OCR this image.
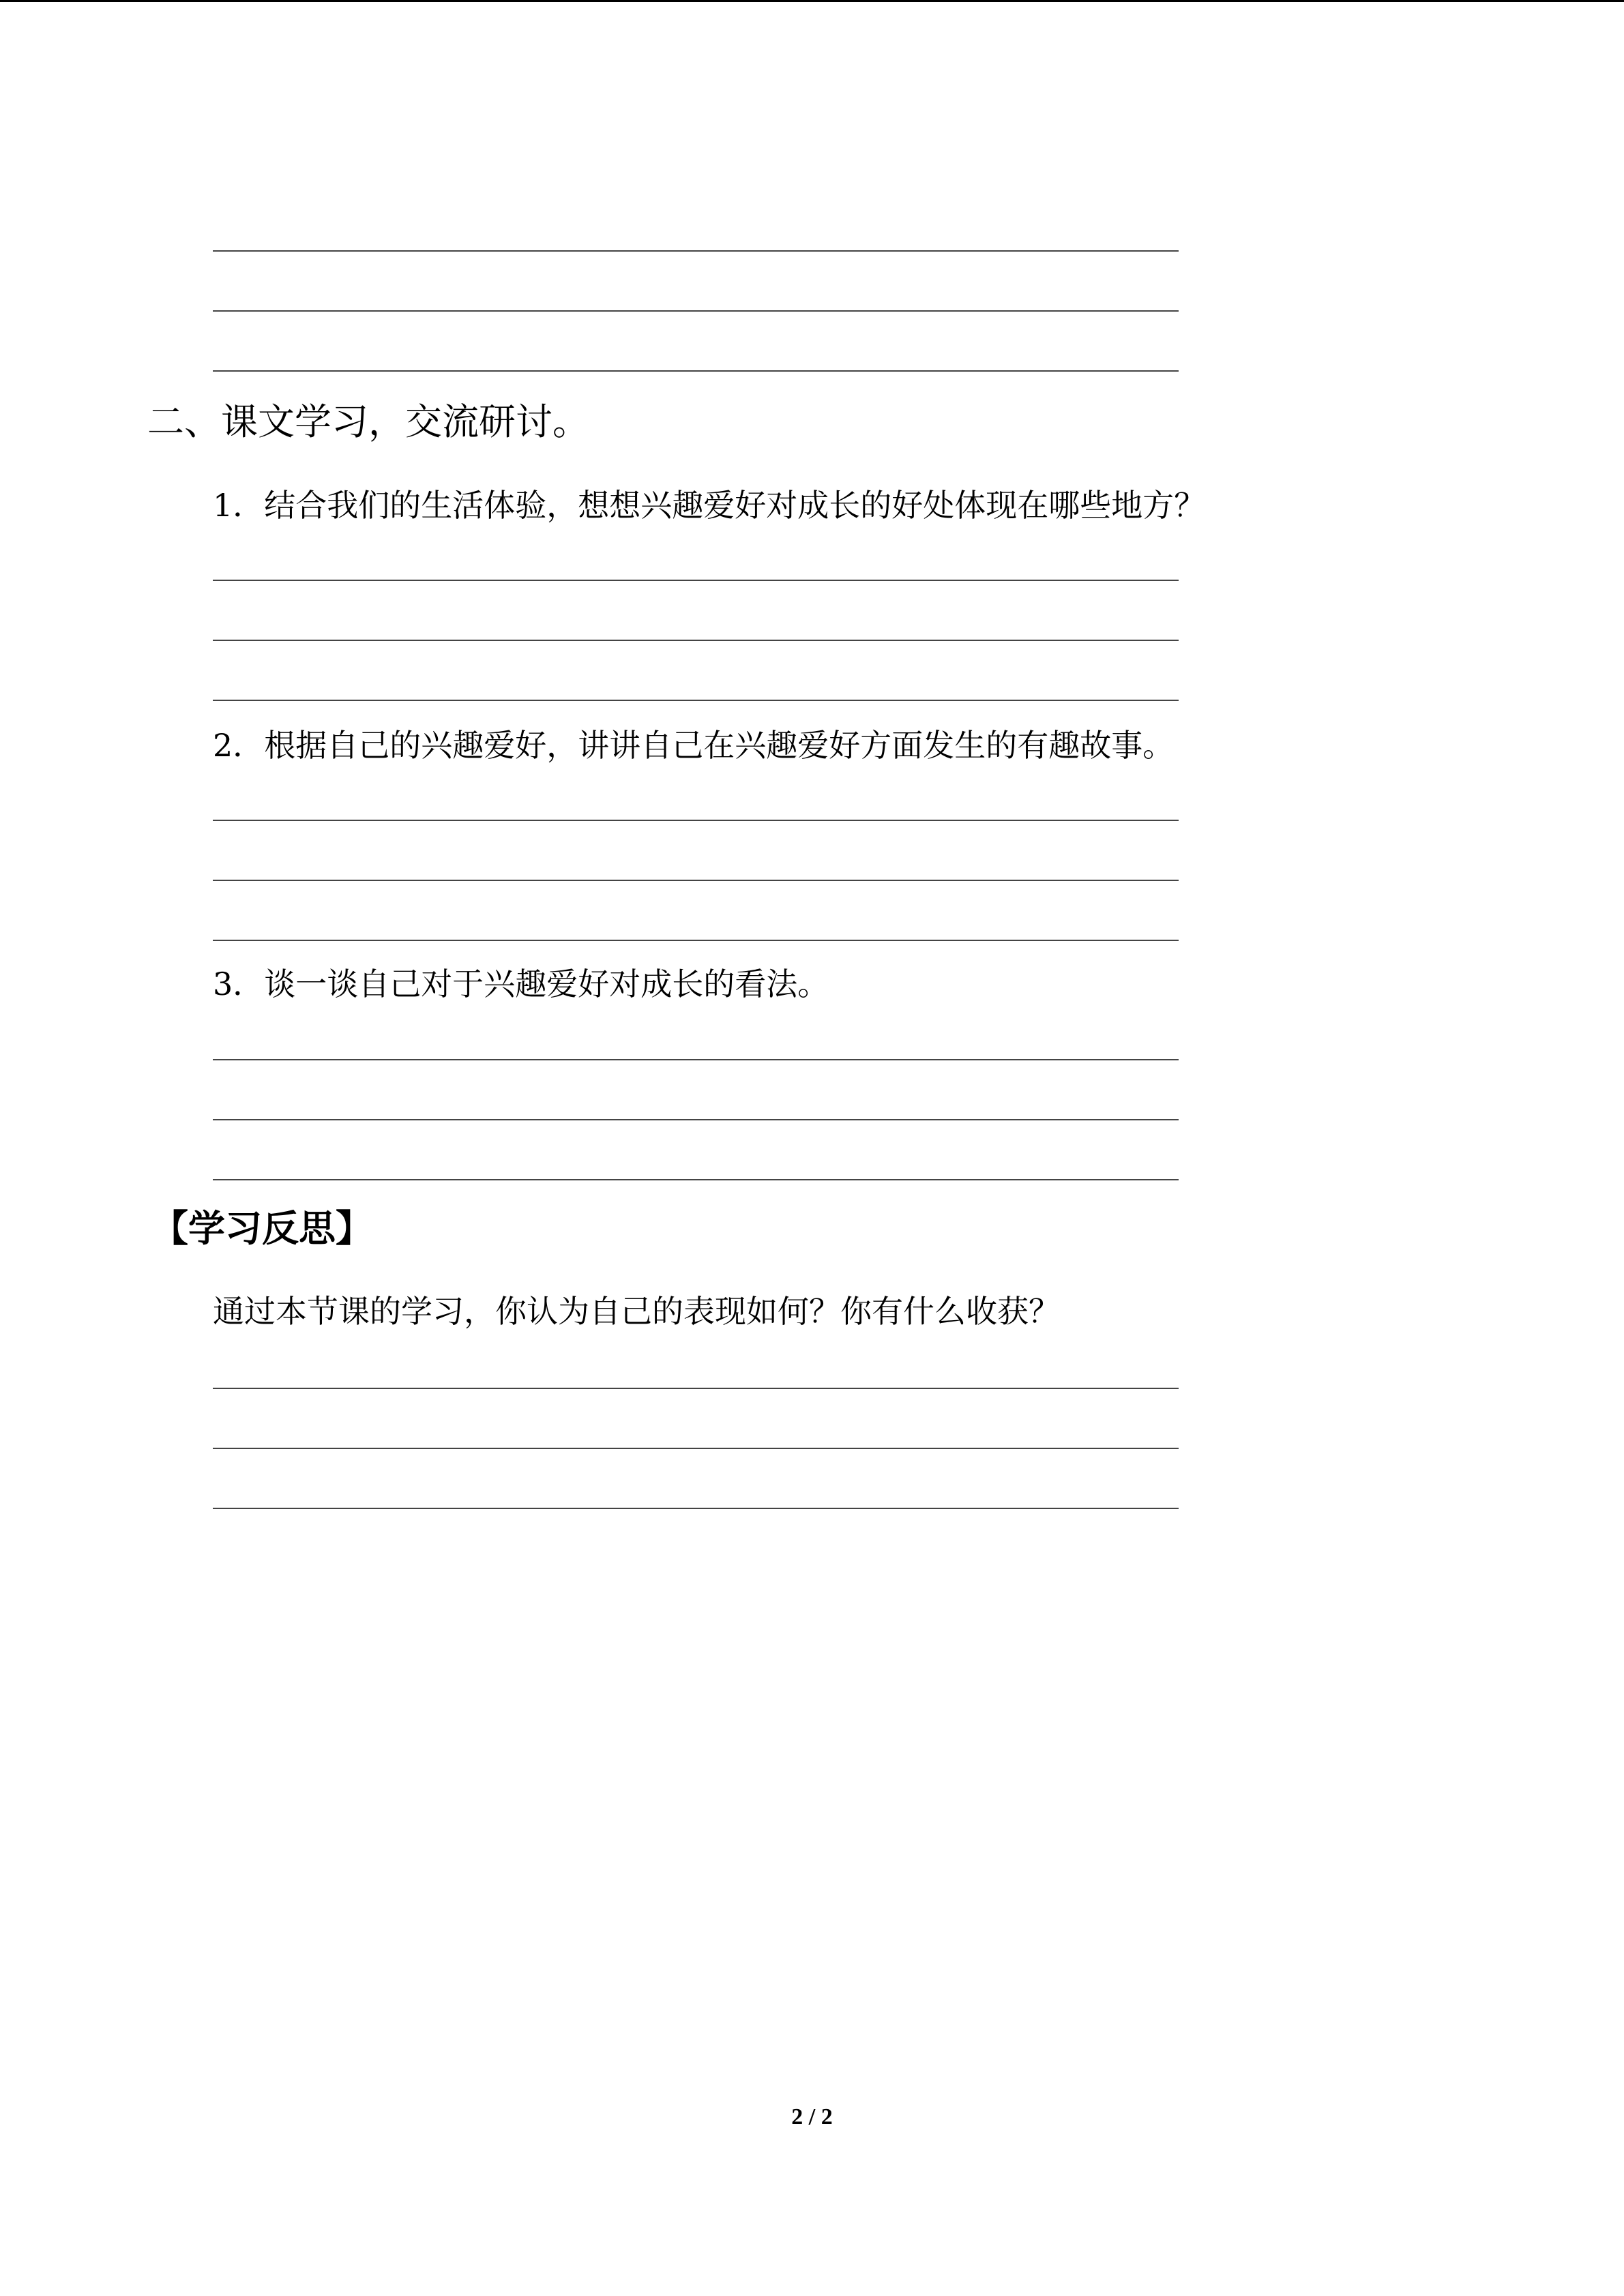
二、课文学习，交流研讨。
1．结合我们的生活体验，想想兴趣爱好对成长的好处体现在哪些地方？
2．根据自己的兴趣爱好，讲讲自己在兴趣爱好方面发生的有趣故事。
3．谈一谈自己对于兴趣爱好对成长的看法。
【学习反思】
通过本节课的学习，你认为自己的表现如何？你有什么收获？
2 / 2
